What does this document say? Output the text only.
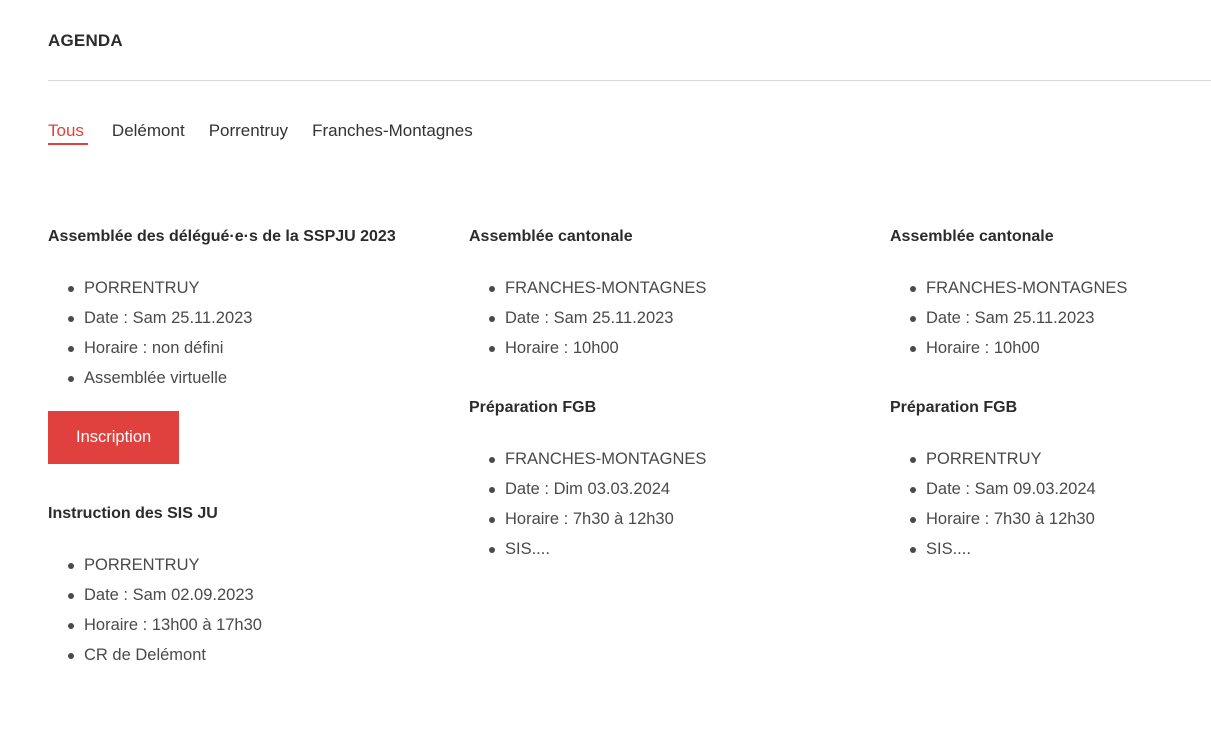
AGENDA
Tous Delémont Porrentruy Franches-Montagnes
Assemblée des délégué·e·s de la SSPJU 2023
PORRENTRUY
Date : Sam 25.11.2023
Horaire : non défini
Assemblée virtuelle
Inscription
Instruction des SIS JU
PORRENTRUY
Date : Sam 02.09.2023
Horaire : 13h00 à 17h30
CR de Delémont
Assemblée cantonale
FRANCHES-MONTAGNES
Date : Sam 25.11.2023
Horaire : 10h00
Préparation FGB
FRANCHES-MONTAGNES
Date : Dim 03.03.2024
Horaire : 7h30 à 12h30
SIS....
Assemblée cantonale
FRANCHES-MONTAGNES
Date : Sam 25.11.2023
Horaire : 10h00
Préparation FGB
PORRENTRUY
Date : Sam 09.03.2024
Horaire : 7h30 à 12h30
SIS....
